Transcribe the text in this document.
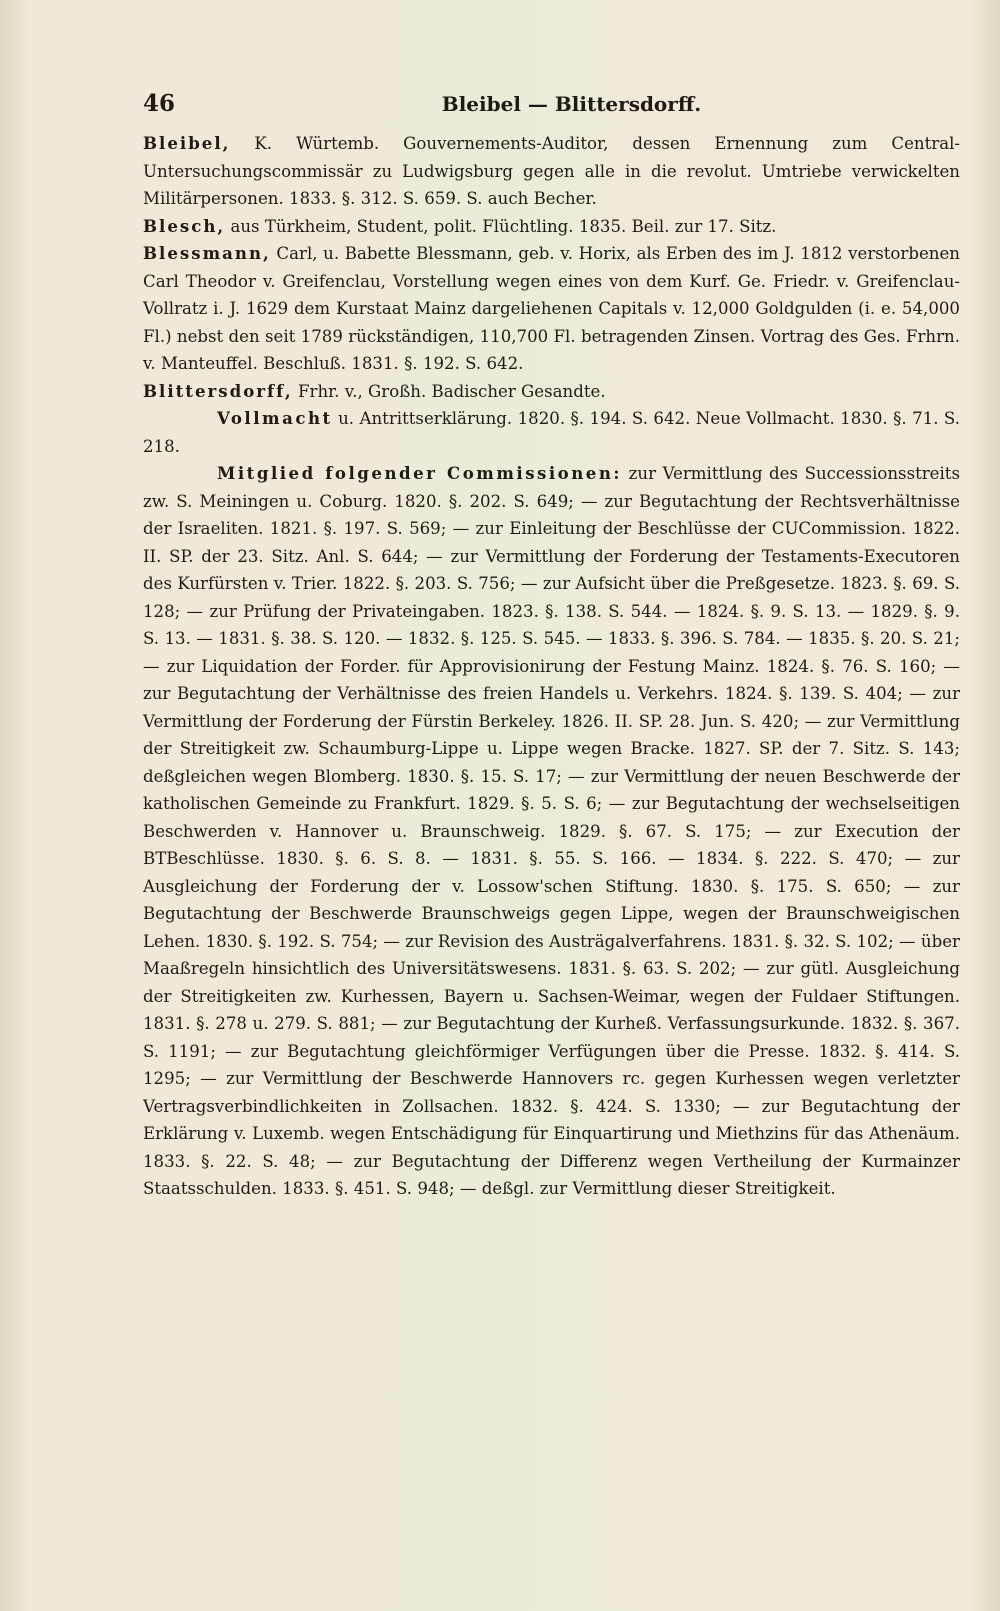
46	Bleibel — Blittersdorff.

Bleibel, K. Würtemb. Gouvernements-Auditor, dessen Ernennung zum Central-Untersuchungscommissär zu Ludwigsburg gegen alle in die revolut. Umtriebe verwickelten Militärpersonen. 1833. §. 312. S. 659. S. auch Becher.

Blesch, aus Türkheim, Student, polit. Flüchtling. 1835. Beil. zur 17. Sitz.

Blessmann, Carl, u. Babette Blessmann, geb. v. Horix, als Erben des im J. 1812 verstorbenen Carl Theodor v. Greifenclau, Vorstellung wegen eines von dem Kurf. Ge. Friedr. v. Greifenclau-Vollratz i. J. 1629 dem Kurstaat Mainz dargeliehenen Capitals v. 12,000 Goldgulden (i. e. 54,000 Fl.) nebst den seit 1789 rückständigen, 110,700 Fl. betragenden Zinsen. Vortrag des Ges. Frhrn. v. Manteuffel. Beschluß. 1831. §. 192. S. 642.

Blittersdorff, Frhr. v., Großh. Badischer Gesandte.

Vollmacht u. Antrittserklärung. 1820. §. 194. S. 642. Neue Vollmacht. 1830. §. 71. S. 218.

Mitglied folgender Commissionen: zur Vermittlung des Successionsstreits zw. S. Meiningen u. Coburg. 1820. §. 202. S. 649; — zur Begutachtung der Rechtsverhältnisse der Israeliten. 1821. §. 197. S. 569; — zur Einleitung der Beschlüsse der CUCommission. 1822. II. SP. der 23. Sitz. Anl. S. 644; — zur Vermittlung der Forderung der Testaments-Executoren des Kurfürsten v. Trier. 1822. §. 203. S. 756; — zur Aufsicht über die Preßgesetze. 1823. §. 69. S. 128; — zur Prüfung der Privateingaben. 1823. §. 138. S. 544. — 1824. §. 9. S. 13. — 1829. §. 9. S. 13. — 1831. §. 38. S. 120. — 1832. §. 125. S. 545. — 1833. §. 396. S. 784. — 1835. §. 20. S. 21; — zur Liquidation der Forder. für Approvisionirung der Festung Mainz. 1824. §. 76. S. 160; — zur Begutachtung der Verhältnisse des freien Handels u. Verkehrs. 1824. §. 139. S. 404; — zur Vermittlung der Forderung der Fürstin Berkeley. 1826. II. SP. 28. Jun. S. 420; — zur Vermittlung der Streitigkeit zw. Schaumburg-Lippe u. Lippe wegen Bracke. 1827. SP. der 7. Sitz. S. 143; deßgleichen wegen Blomberg. 1830. §. 15. S. 17; — zur Vermittlung der neuen Beschwerde der katholischen Gemeinde zu Frankfurt. 1829. §. 5. S. 6; — zur Begutachtung der wechselseitigen Beschwerden v. Hannover u. Braunschweig. 1829. §. 67. S. 175; — zur Execution der BTBeschlüsse. 1830. §. 6. S. 8. — 1831. §. 55. S. 166. — 1834. §. 222. S. 470; — zur Ausgleichung der Forderung der v. Lossow'schen Stiftung. 1830. §. 175. S. 650; — zur Begutachtung der Beschwerde Braunschweigs gegen Lippe, wegen der Braunschweigischen Lehen. 1830. §. 192. S. 754; — zur Revision des Austrägalverfahrens. 1831. §. 32. S. 102; — über Maaßregeln hinsichtlich des Universitätswesens. 1831. §. 63. S. 202; — zur gütl. Ausgleichung der Streitigkeiten zw. Kurhessen, Bayern u. Sachsen-Weimar, wegen der Fuldaer Stiftungen. 1831. §. 278 u. 279. S. 881; — zur Begutachtung der Kurheß. Verfassungsurkunde. 1832. §. 367. S. 1191; — zur Begutachtung gleichförmiger Verfügungen über die Presse. 1832. §. 414. S. 1295; — zur Vermittlung der Beschwerde Hannovers rc. gegen Kurhessen wegen verletzter Vertragsverbindlichkeiten in Zollsachen. 1832. §. 424. S. 1330; — zur Begutachtung der Erklärung v. Luxemb. wegen Entschädigung für Einquartirung und Miethzins für das Athenäum. 1833. §. 22. S. 48; — zur Begutachtung der Differenz wegen Vertheilung der Kurmainzer Staatsschulden. 1833. §. 451. S. 948; — deßgl. zur Vermittlung dieser Streitigkeit.
